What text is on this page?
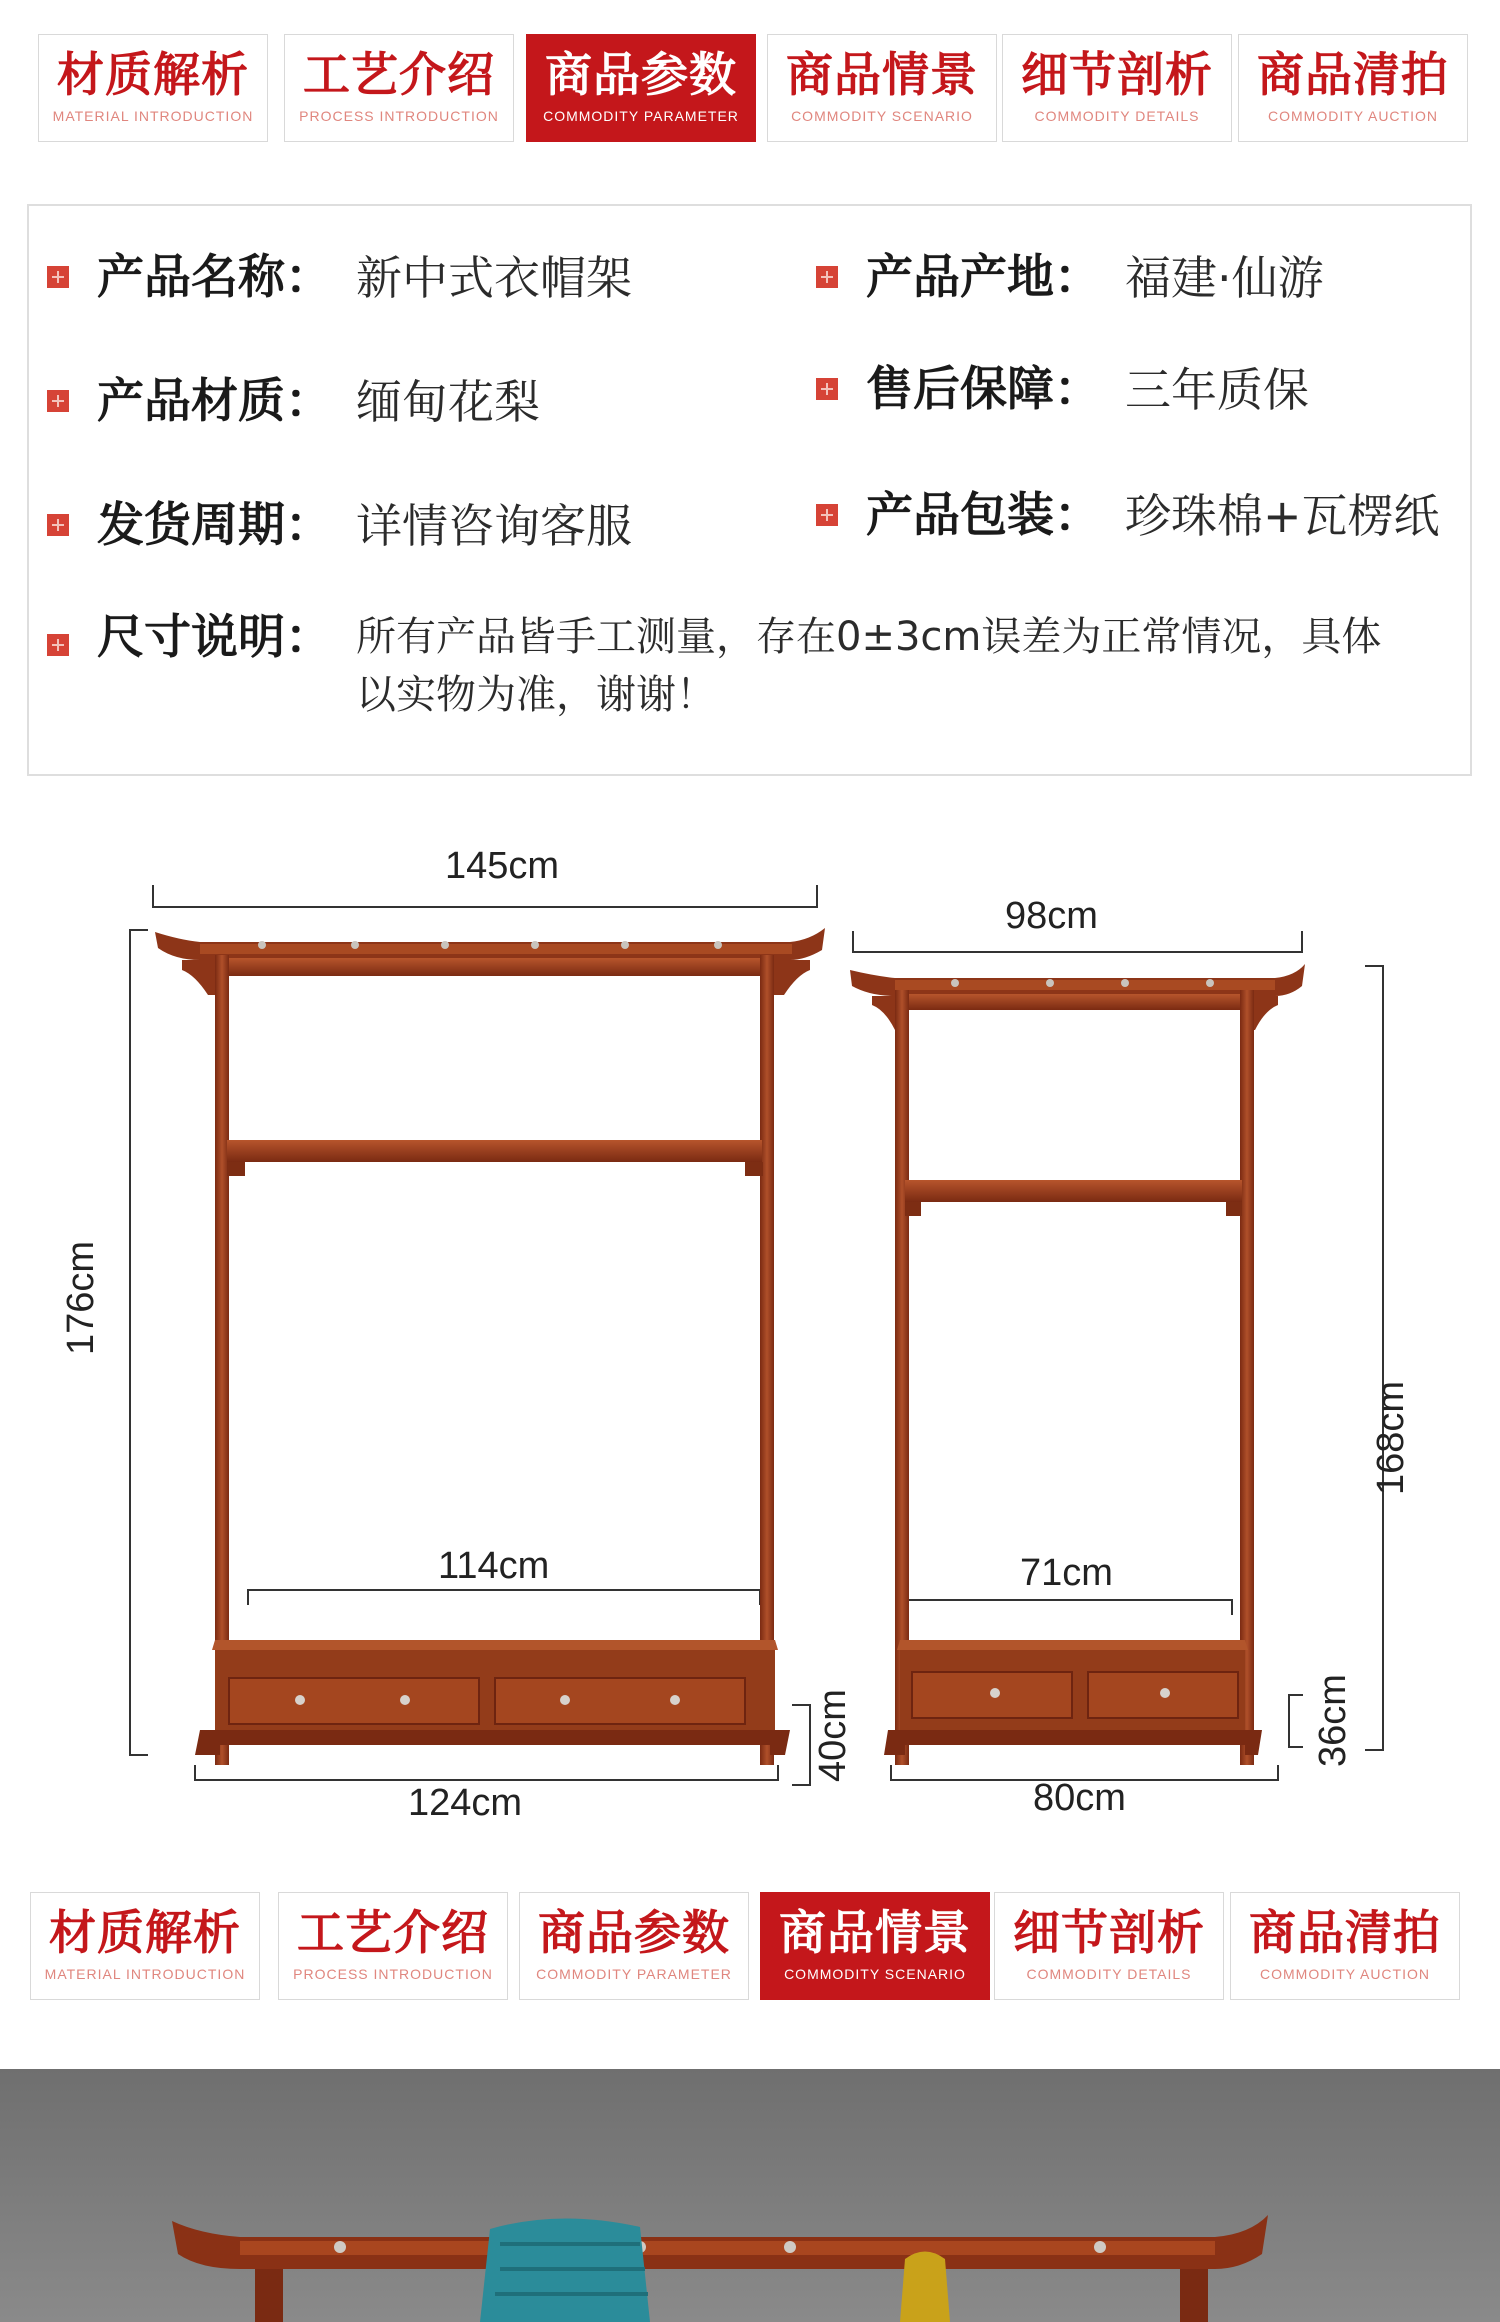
材质解析
MATERIAL INTRODUCTION
工艺介绍
PROCESS INTRODUCTION
商品参数
COMMODITY PARAMETER
商品情景
COMMODITY SCENARIO
细节剖析
COMMODITY DETAILS
商品清拍
COMMODITY AUCTION
产品名称： 新中式衣帽架	产品产地： 福建·仙游
产品材质： 缅甸花梨	售后保障： 三年质保
发货周期： 详情咨询客服	产品包装： 珍珠棉+瓦楞纸
尺寸说明： 所有产品皆手工测量，存在0±3cm误差为正常情况，具体以实物为准，谢谢！
145cm
176cm
114cm
40cm
124cm
98cm
168cm
71cm
36cm
80cm
材质解析
MATERIAL INTRODUCTION
工艺介绍
PROCESS INTRODUCTION
商品参数
COMMODITY PARAMETER
商品情景
COMMODITY SCENARIO
细节剖析
COMMODITY DETAILS
商品清拍
COMMODITY AUCTION
